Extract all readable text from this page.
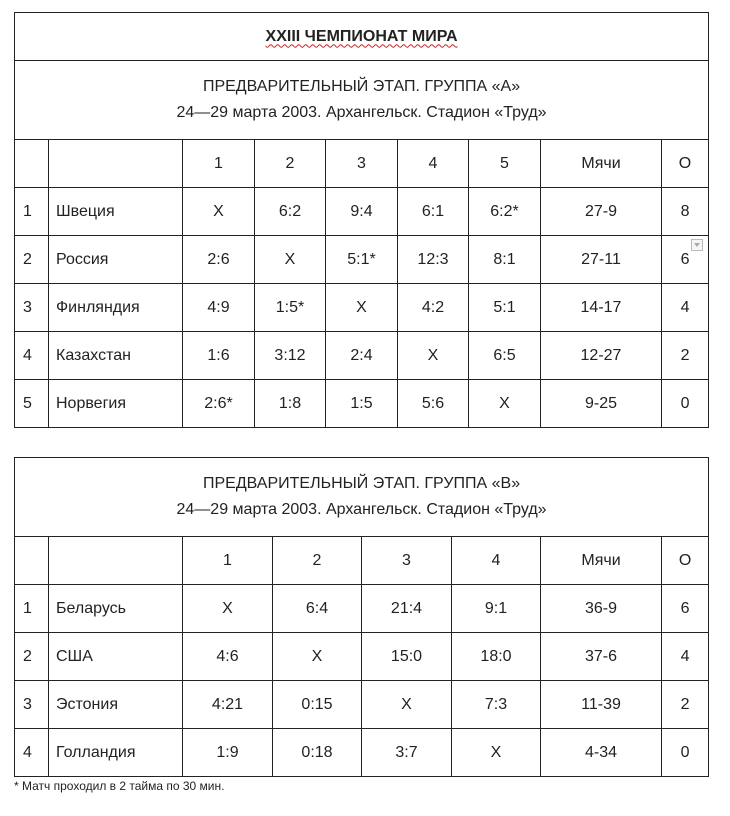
XXIII ЧЕМПИОНАТ МИРА								

ПРЕДВАРИТЕЛЬНЫЙ ЭТАП. ГРУППА «А»
24—29 марта 2003. Архангельск. Стадион «Труд»								

		1	2	3	4	5	Мячи	О
1	Швеция	Х	6:2	9:4	6:1	6:2*	27-9	8
2	Россия	2:6	Х	5:1*	12:3	8:1	27-11	6
3	Финляндия	4:9	1:5*	Х	4:2	5:1	14-17	4
4	Казахстан	1:6	3:12	2:4	Х	6:5	12-27	2
5	Норвегия	2:6*	1:8	1:5	5:6	Х	9-25	0
ПРЕДВАРИТЕЛЬНЫЙ ЭТАП. ГРУППА «В»
24—29 марта 2003. Архангельск. Стадион «Труд»							

		1	2	3	4	Мячи	О
1	Беларусь	Х	6:4	21:4	9:1	36-9	6
2	США	4:6	Х	15:0	18:0	37-6	4
3	Эстония	4:21	0:15	Х	7:3	11-39	2
4	Голландия	1:9	0:18	3:7	Х	4-34	0
* Матч проходил в 2 тайма по 30 мин.
